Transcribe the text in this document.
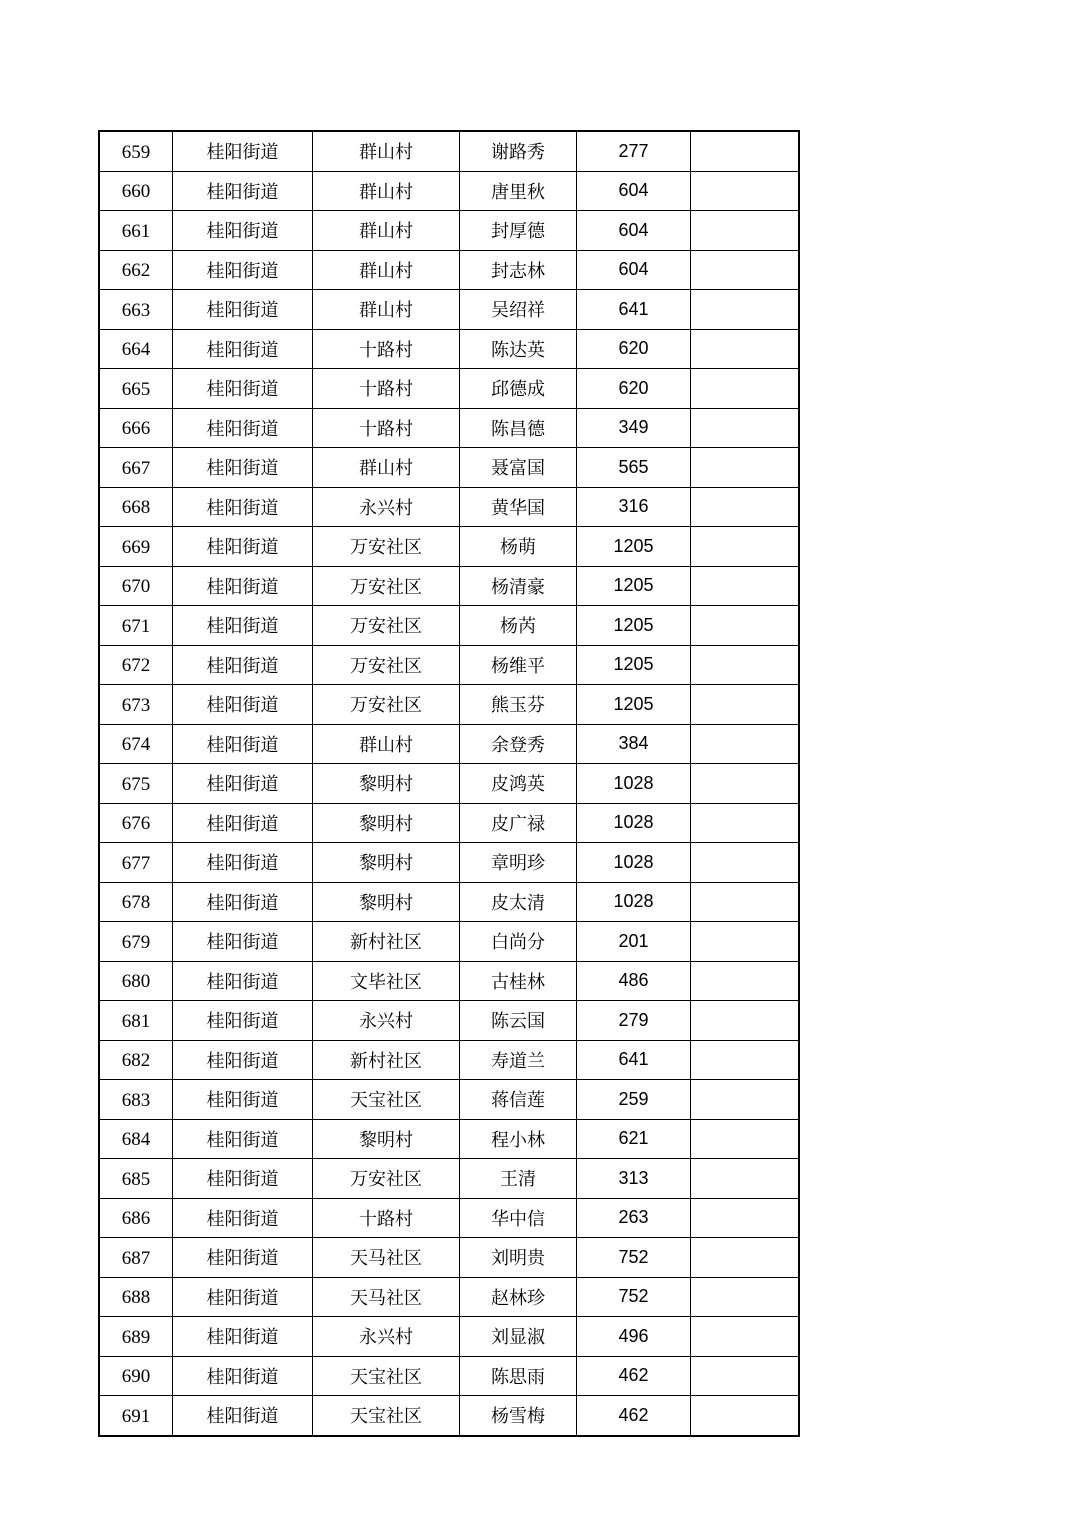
659	桂阳街道	群山村	谢路秀	277	
660	桂阳街道	群山村	唐里秋	604	
661	桂阳街道	群山村	封厚德	604	
662	桂阳街道	群山村	封志林	604	
663	桂阳街道	群山村	吴绍祥	641	
664	桂阳街道	十路村	陈达英	620	
665	桂阳街道	十路村	邱德成	620	
666	桂阳街道	十路村	陈昌德	349	
667	桂阳街道	群山村	聂富国	565	
668	桂阳街道	永兴村	黄华国	316	
669	桂阳街道	万安社区	杨萌	1205	
670	桂阳街道	万安社区	杨清豪	1205	
671	桂阳街道	万安社区	杨芮	1205	
672	桂阳街道	万安社区	杨维平	1205	
673	桂阳街道	万安社区	熊玉芬	1205	
674	桂阳街道	群山村	余登秀	384	
675	桂阳街道	黎明村	皮鸿英	1028	
676	桂阳街道	黎明村	皮广禄	1028	
677	桂阳街道	黎明村	章明珍	1028	
678	桂阳街道	黎明村	皮太清	1028	
679	桂阳街道	新村社区	白尚分	201	
680	桂阳街道	文毕社区	古桂林	486	
681	桂阳街道	永兴村	陈云国	279	
682	桂阳街道	新村社区	寿道兰	641	
683	桂阳街道	天宝社区	蒋信莲	259	
684	桂阳街道	黎明村	程小林	621	
685	桂阳街道	万安社区	王清	313	
686	桂阳街道	十路村	华中信	263	
687	桂阳街道	天马社区	刘明贵	752	
688	桂阳街道	天马社区	赵林珍	752	
689	桂阳街道	永兴村	刘显淑	496	
690	桂阳街道	天宝社区	陈思雨	462	
691	桂阳街道	天宝社区	杨雪梅	462	
